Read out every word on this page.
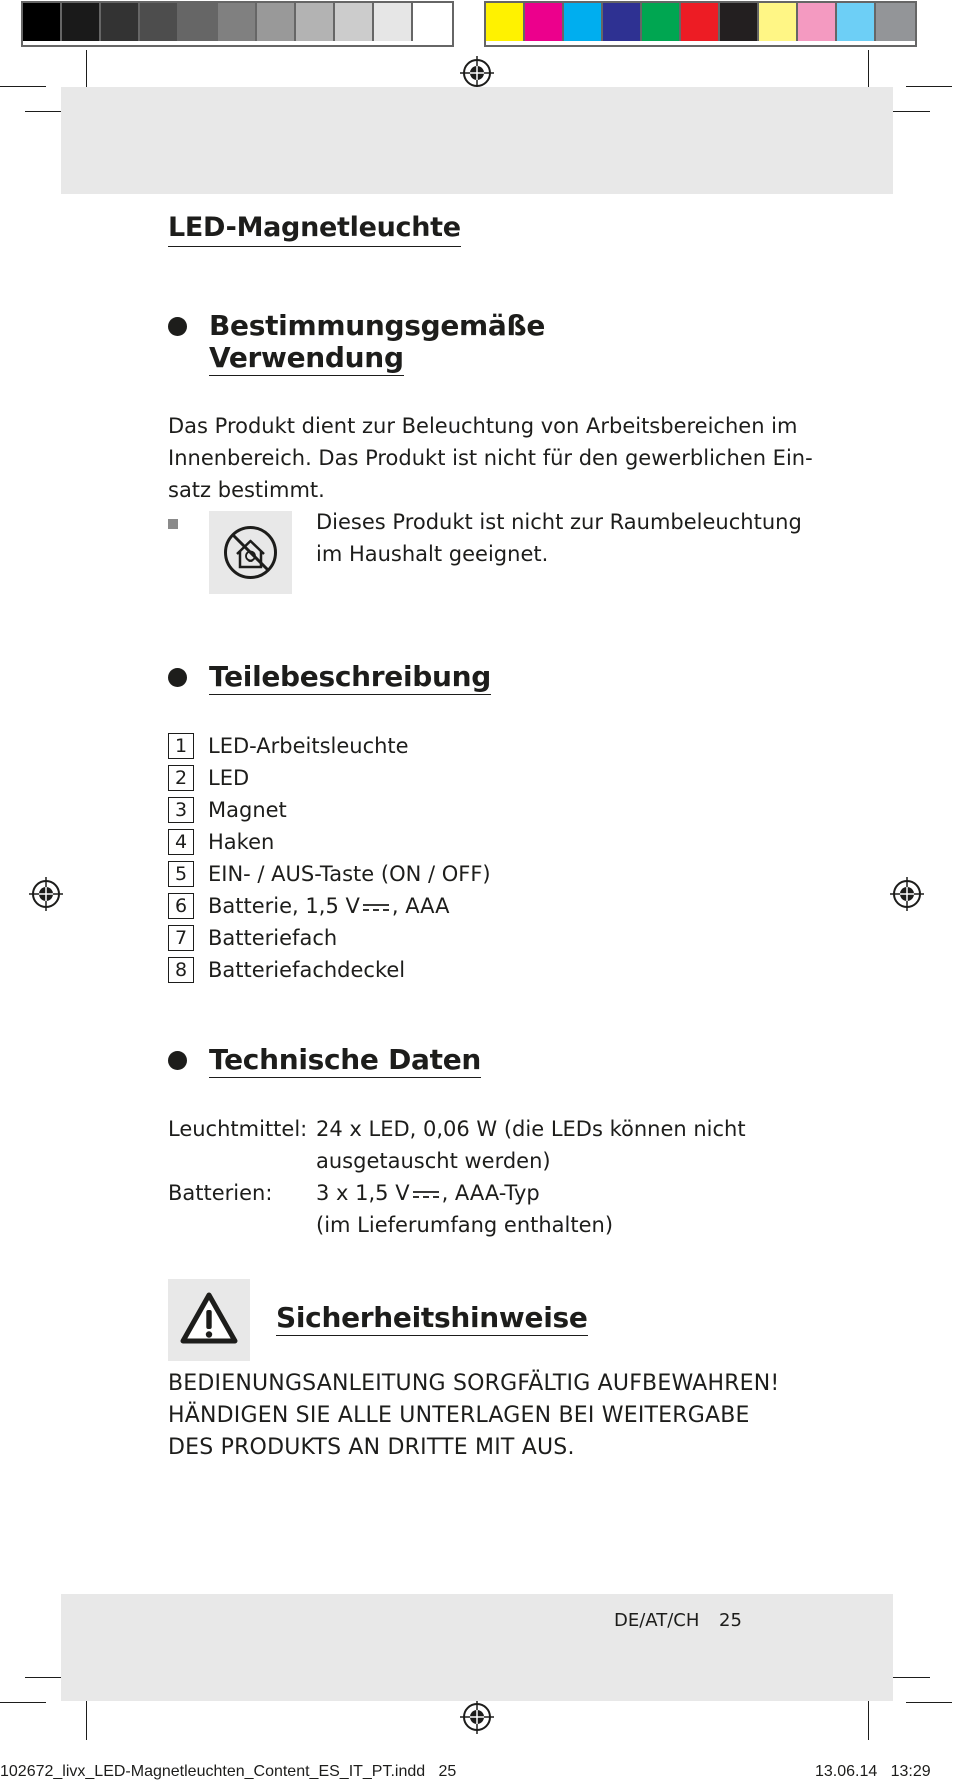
LED-Magnetleuchte
Bestimmungsgemäße
Verwendung
Das Produkt dient zur Beleuchtung von Arbeitsbereichen im
Innenbereich. Das Produkt ist nicht für den gewerblichen Ein-
satz bestimmt.
Dieses Produkt ist nicht zur Raumbeleuchtung
im Haushalt geeignet.
Teilebeschreibung
1 LED-Arbeitsleuchte
2 LED
3 Magnet
4 Haken
5 EIN- / AUS-Taste (ON / OFF)
6 Batterie, 1,5 V , AAA
7 Batteriefach
8 Batteriefachdeckel
Technische Daten
Leuchtmittel: 24 x LED, 0,06 W (die LEDs können nicht
ausgetauscht werden)
Batterien:	3 x 1,5 V , AAA-Typ
(im Lieferumfang enthalten)
Sicherheitshinweise
BEDIENUNGSANLEITUNG SORGFÄLTIG AUFBEWAHREN!
HÄNDIGEN SIE ALLE UNTERLAGEN BEI WEITERGABE
DES PRODUKTS AN DRITTE MIT AUS.
DE/AT/CH 25
102672_livx_LED-Magnetleuchten_Content_ES_IT_PT.indd   25	13.06.14   13:29
